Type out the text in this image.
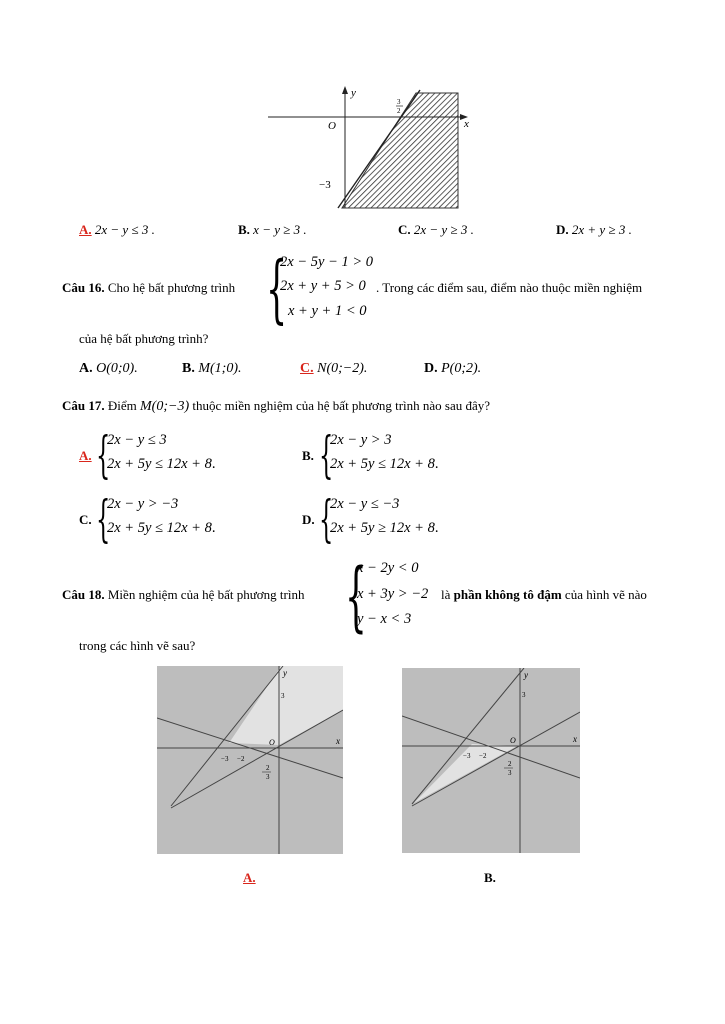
y
x
O
−3
3
2
A. 2x − y ≤ 3 .	B. x − y ≥ 3 .	C. 2x − y ≥ 3 .	D. 2x + y ≥ 3 .
Câu 16. Cho hệ bất phương trình {
2x − 5y − 1 > 0
2x + y + 5 > 0
x + y + 1 < 0
. Trong các điểm sau, điểm nào thuộc miền nghiệm
của hệ bất phương trình?
A. O(0;0).	B. M(1;0).	C. N(0;−2).	D. P(0;2).
Câu 17. Điểm M(0;−3) thuộc miền nghiệm của hệ bất phương trình nào sau đây?
A. {
2x − y ≤ 3
2x + 5y ≤ 12x + 8.
B. {
2x − y > 3
2x + 5y ≤ 12x + 8.
C. {
2x − y > −3
2x + 5y ≤ 12x + 8.
D. {
2x − y ≤ −3
2x + 5y ≥ 12x + 8.
Câu 18. Miền nghiệm của hệ bất phương trình {
x − 2y < 0
x + 3y > −2
y − x < 3
là phần không tô đậm của hình vẽ nào
trong các hình vẽ sau?
y
x
O
3
−3 −2
2
3
A.
y
x
O
3
−3 −2
2
3
B.
